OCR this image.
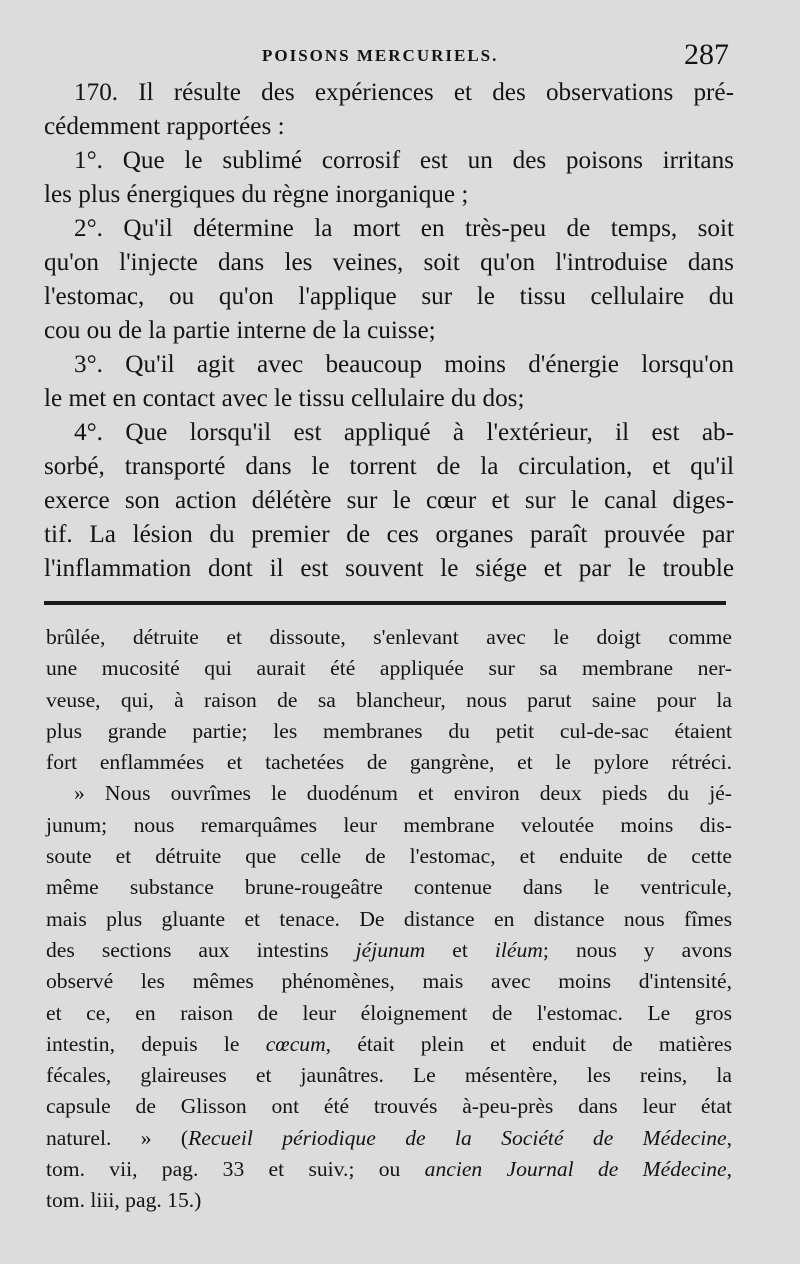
POISONS MERCURIELS.	287

170. Il résulte des expériences et des observations pré-
cédemment rapportées :
1°. Que le sublimé corrosif est un des poisons irritans
les plus énergiques du règne inorganique ;
2°. Qu'il détermine la mort en très-peu de temps, soit
qu'on l'injecte dans les veines, soit qu'on l'introduise dans
l'estomac, ou qu'on l'applique sur le tissu cellulaire du
cou ou de la partie interne de la cuisse;
3°. Qu'il agit avec beaucoup moins d'énergie lorsqu'on
le met en contact avec le tissu cellulaire du dos;
4°. Que lorsqu'il est appliqué à l'extérieur, il est ab-
sorbé, transporté dans le torrent de la circulation, et qu'il
exerce son action délétère sur le cœur et sur le canal diges-
tif. La lésion du premier de ces organes paraît prouvée par
l'inflammation dont il est souvent le siége et par le trouble

brûlée, détruite et dissoute, s'enlevant avec le doigt comme
une mucosité qui aurait été appliquée sur sa membrane ner-
veuse, qui, à raison de sa blancheur, nous parut saine pour la
plus grande partie; les membranes du petit cul-de-sac étaient
fort enflammées et tachetées de gangrène, et le pylore rétréci.
» Nous ouvrîmes le duodénum et environ deux pieds du jé-
junum; nous remarquâmes leur membrane veloutée moins dis-
soute et détruite que celle de l'estomac, et enduite de cette
même substance brune-rougeâtre contenue dans le ventricule,
mais plus gluante et tenace. De distance en distance nous fîmes
des sections aux intestins jéjunum et iléum; nous y avons
observé les mêmes phénomènes, mais avec moins d'intensité,
et ce, en raison de leur éloignement de l'estomac. Le gros
intestin, depuis le cœcum, était plein et enduit de matières
fécales, glaireuses et jaunâtres. Le mésentère, les reins, la
capsule de Glisson ont été trouvés à-peu-près dans leur état
naturel. » (Recueil périodique de la Société de Médecine,
tom. vii, pag. 33 et suiv.; ou ancien Journal de Médecine,
tom. liii, pag. 15.)
